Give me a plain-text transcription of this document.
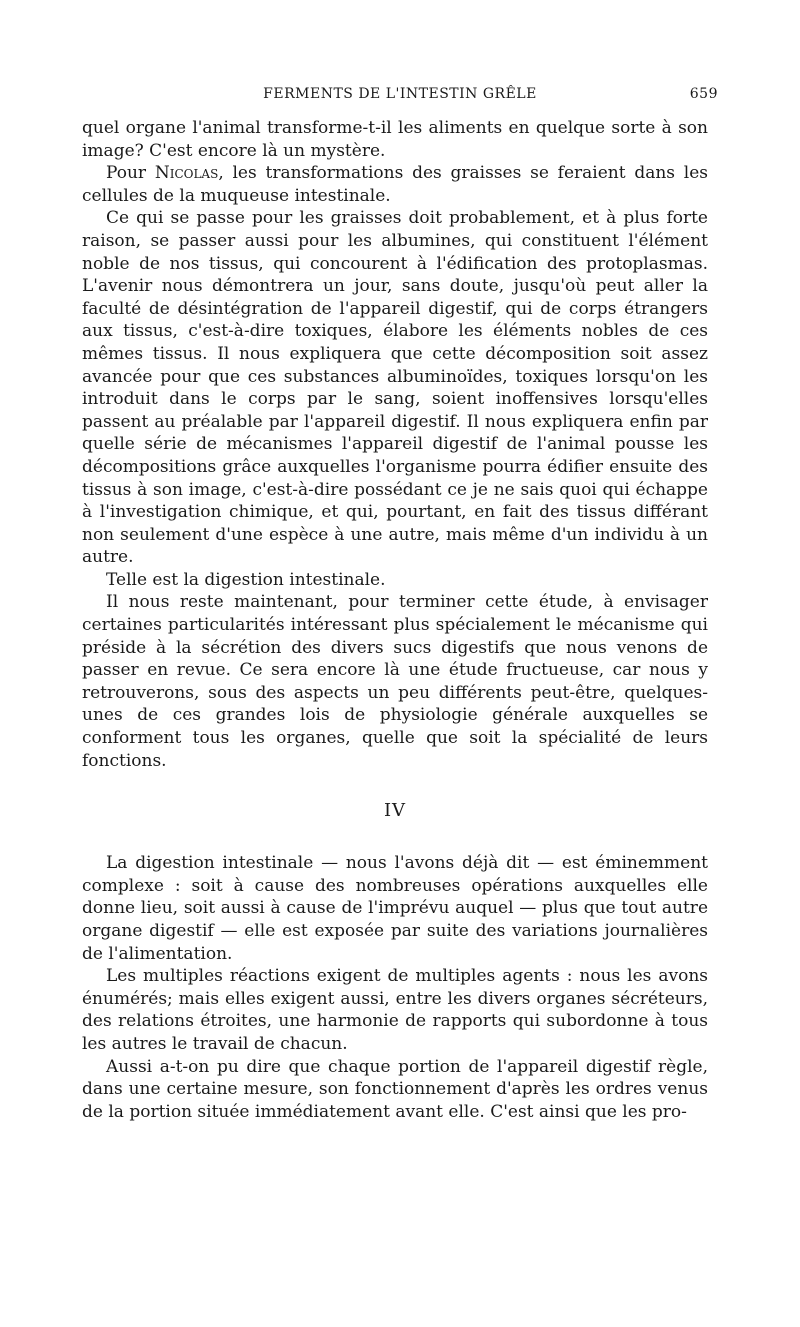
FERMENTS DE L'INTESTIN GRÊLE	659

quel organe l'animal transforme-t-il les aliments en quelque sorte à son image? C'est encore là un mystère.

Pour Nicolas, les transformations des graisses se feraient dans les cellules de la muqueuse intestinale.

Ce qui se passe pour les graisses doit probablement, et à plus forte raison, se passer aussi pour les albumines, qui constituent l'élément noble de nos tissus, qui concourent à l'édification des protoplasmas. L'avenir nous démontrera un jour, sans doute, jusqu'où peut aller la faculté de désintégration de l'appareil digestif, qui de corps étrangers aux tissus, c'est-à-dire toxiques, élabore les éléments nobles de ces mêmes tissus. Il nous expliquera que cette décomposition soit assez avancée pour que ces substances albuminoïdes, toxiques lorsqu'on les introduit dans le corps par le sang, soient inoffensives lorsqu'elles passent au préalable par l'appareil digestif. Il nous expliquera enfin par quelle série de mécanismes l'appareil digestif de l'animal pousse les décompositions grâce auxquelles l'organisme pourra édifier ensuite des tissus à son image, c'est-à-dire possédant ce je ne sais quoi qui échappe à l'investigation chimique, et qui, pourtant, en fait des tissus différant non seulement d'une espèce à une autre, mais même d'un individu à un autre.

Telle est la digestion intestinale.

Il nous reste maintenant, pour terminer cette étude, à envisager certaines particularités intéressant plus spécialement le mécanisme qui préside à la sécrétion des divers sucs digestifs que nous venons de passer en revue. Ce sera encore là une étude fructueuse, car nous y retrouverons, sous des aspects un peu différents peut-être, quelques-unes de ces grandes lois de physiologie générale auxquelles se conforment tous les organes, quelle que soit la spécialité de leurs fonctions.

IV

La digestion intestinale — nous l'avons déjà dit — est éminemment complexe : soit à cause des nombreuses opérations auxquelles elle donne lieu, soit aussi à cause de l'imprévu auquel — plus que tout autre organe digestif — elle est exposée par suite des variations journalières de l'alimentation.

Les multiples réactions exigent de multiples agents : nous les avons énumérés; mais elles exigent aussi, entre les divers organes sécréteurs, des relations étroites, une harmonie de rapports qui subordonne à tous les autres le travail de chacun.

Aussi a-t-on pu dire que chaque portion de l'appareil digestif règle, dans une certaine mesure, son fonctionnement d'après les ordres venus de la portion située immédiatement avant elle. C'est ainsi que les pro-
